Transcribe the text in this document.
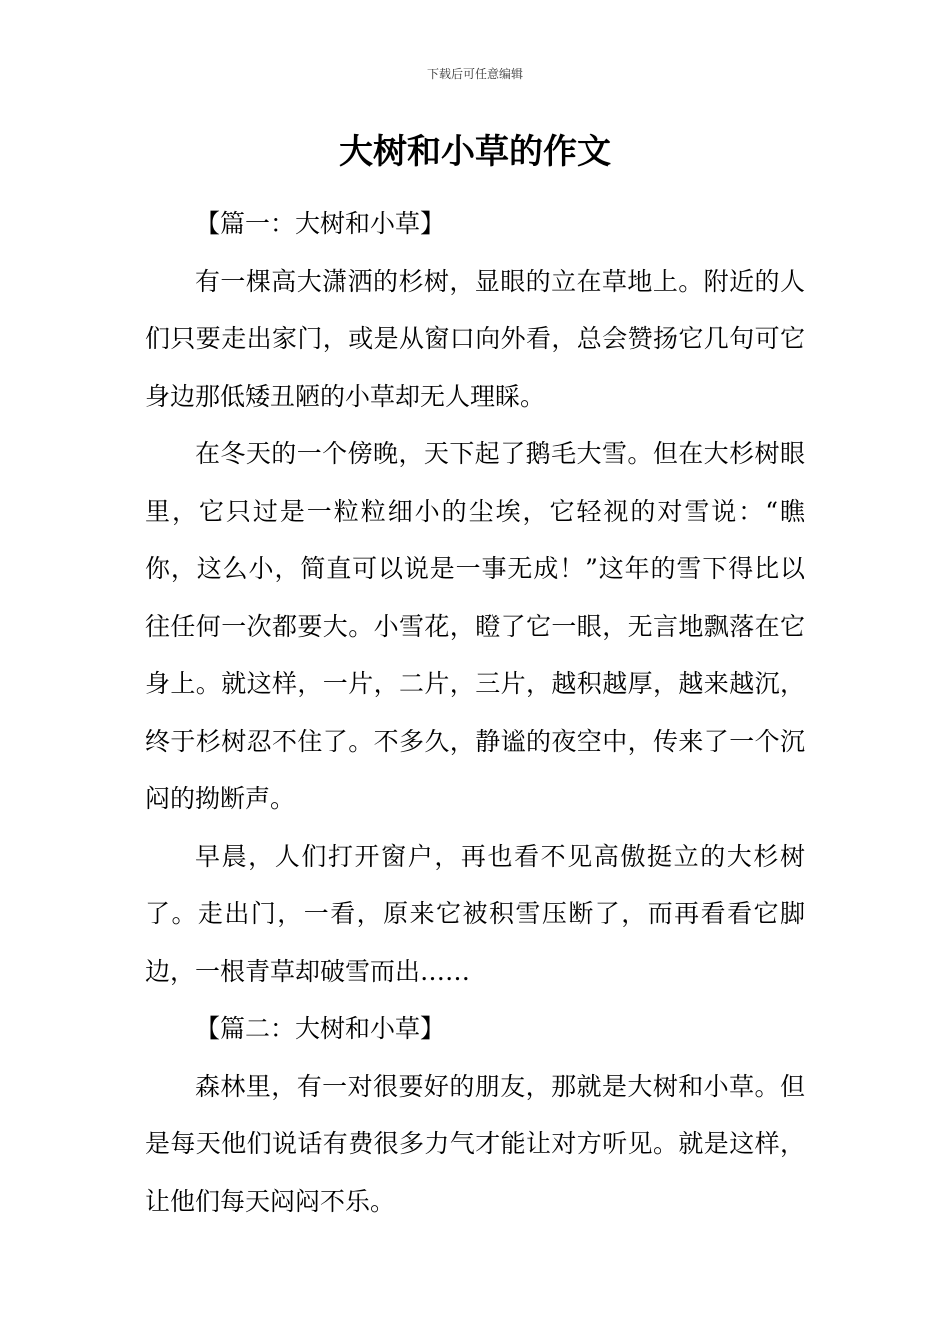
下载后可任意编辑
大树和小草的作文

【篇一：大树和小草】

有一棵高大潇洒的杉树，显眼的立在草地上。附近的人们只要走出家门，或是从窗口向外看，总会赞扬它几句可它身边那低矮丑陋的小草却无人理睬。

在冬天的一个傍晚，天下起了鹅毛大雪。但在大杉树眼里，它只过是一粒粒细小的尘埃，它轻视的对雪说：“瞧你，这么小，简直可以说是一事无成！”这年的雪下得比以往任何一次都要大。小雪花，瞪了它一眼，无言地飘落在它身上。就这样，一片，二片，三片，越积越厚，越来越沉，终于杉树忍不住了。不多久，静谧的夜空中，传来了一个沉闷的拗断声。

早晨，人们打开窗户，再也看不见高傲挺立的大杉树了。走出门，一看，原来它被积雪压断了，而再看看它脚边，一根青草却破雪而出……

【篇二：大树和小草】

森林里，有一对很要好的朋友，那就是大树和小草。但是每天他们说话有费很多力气才能让对方听见。就是这样，让他们每天闷闷不乐。
